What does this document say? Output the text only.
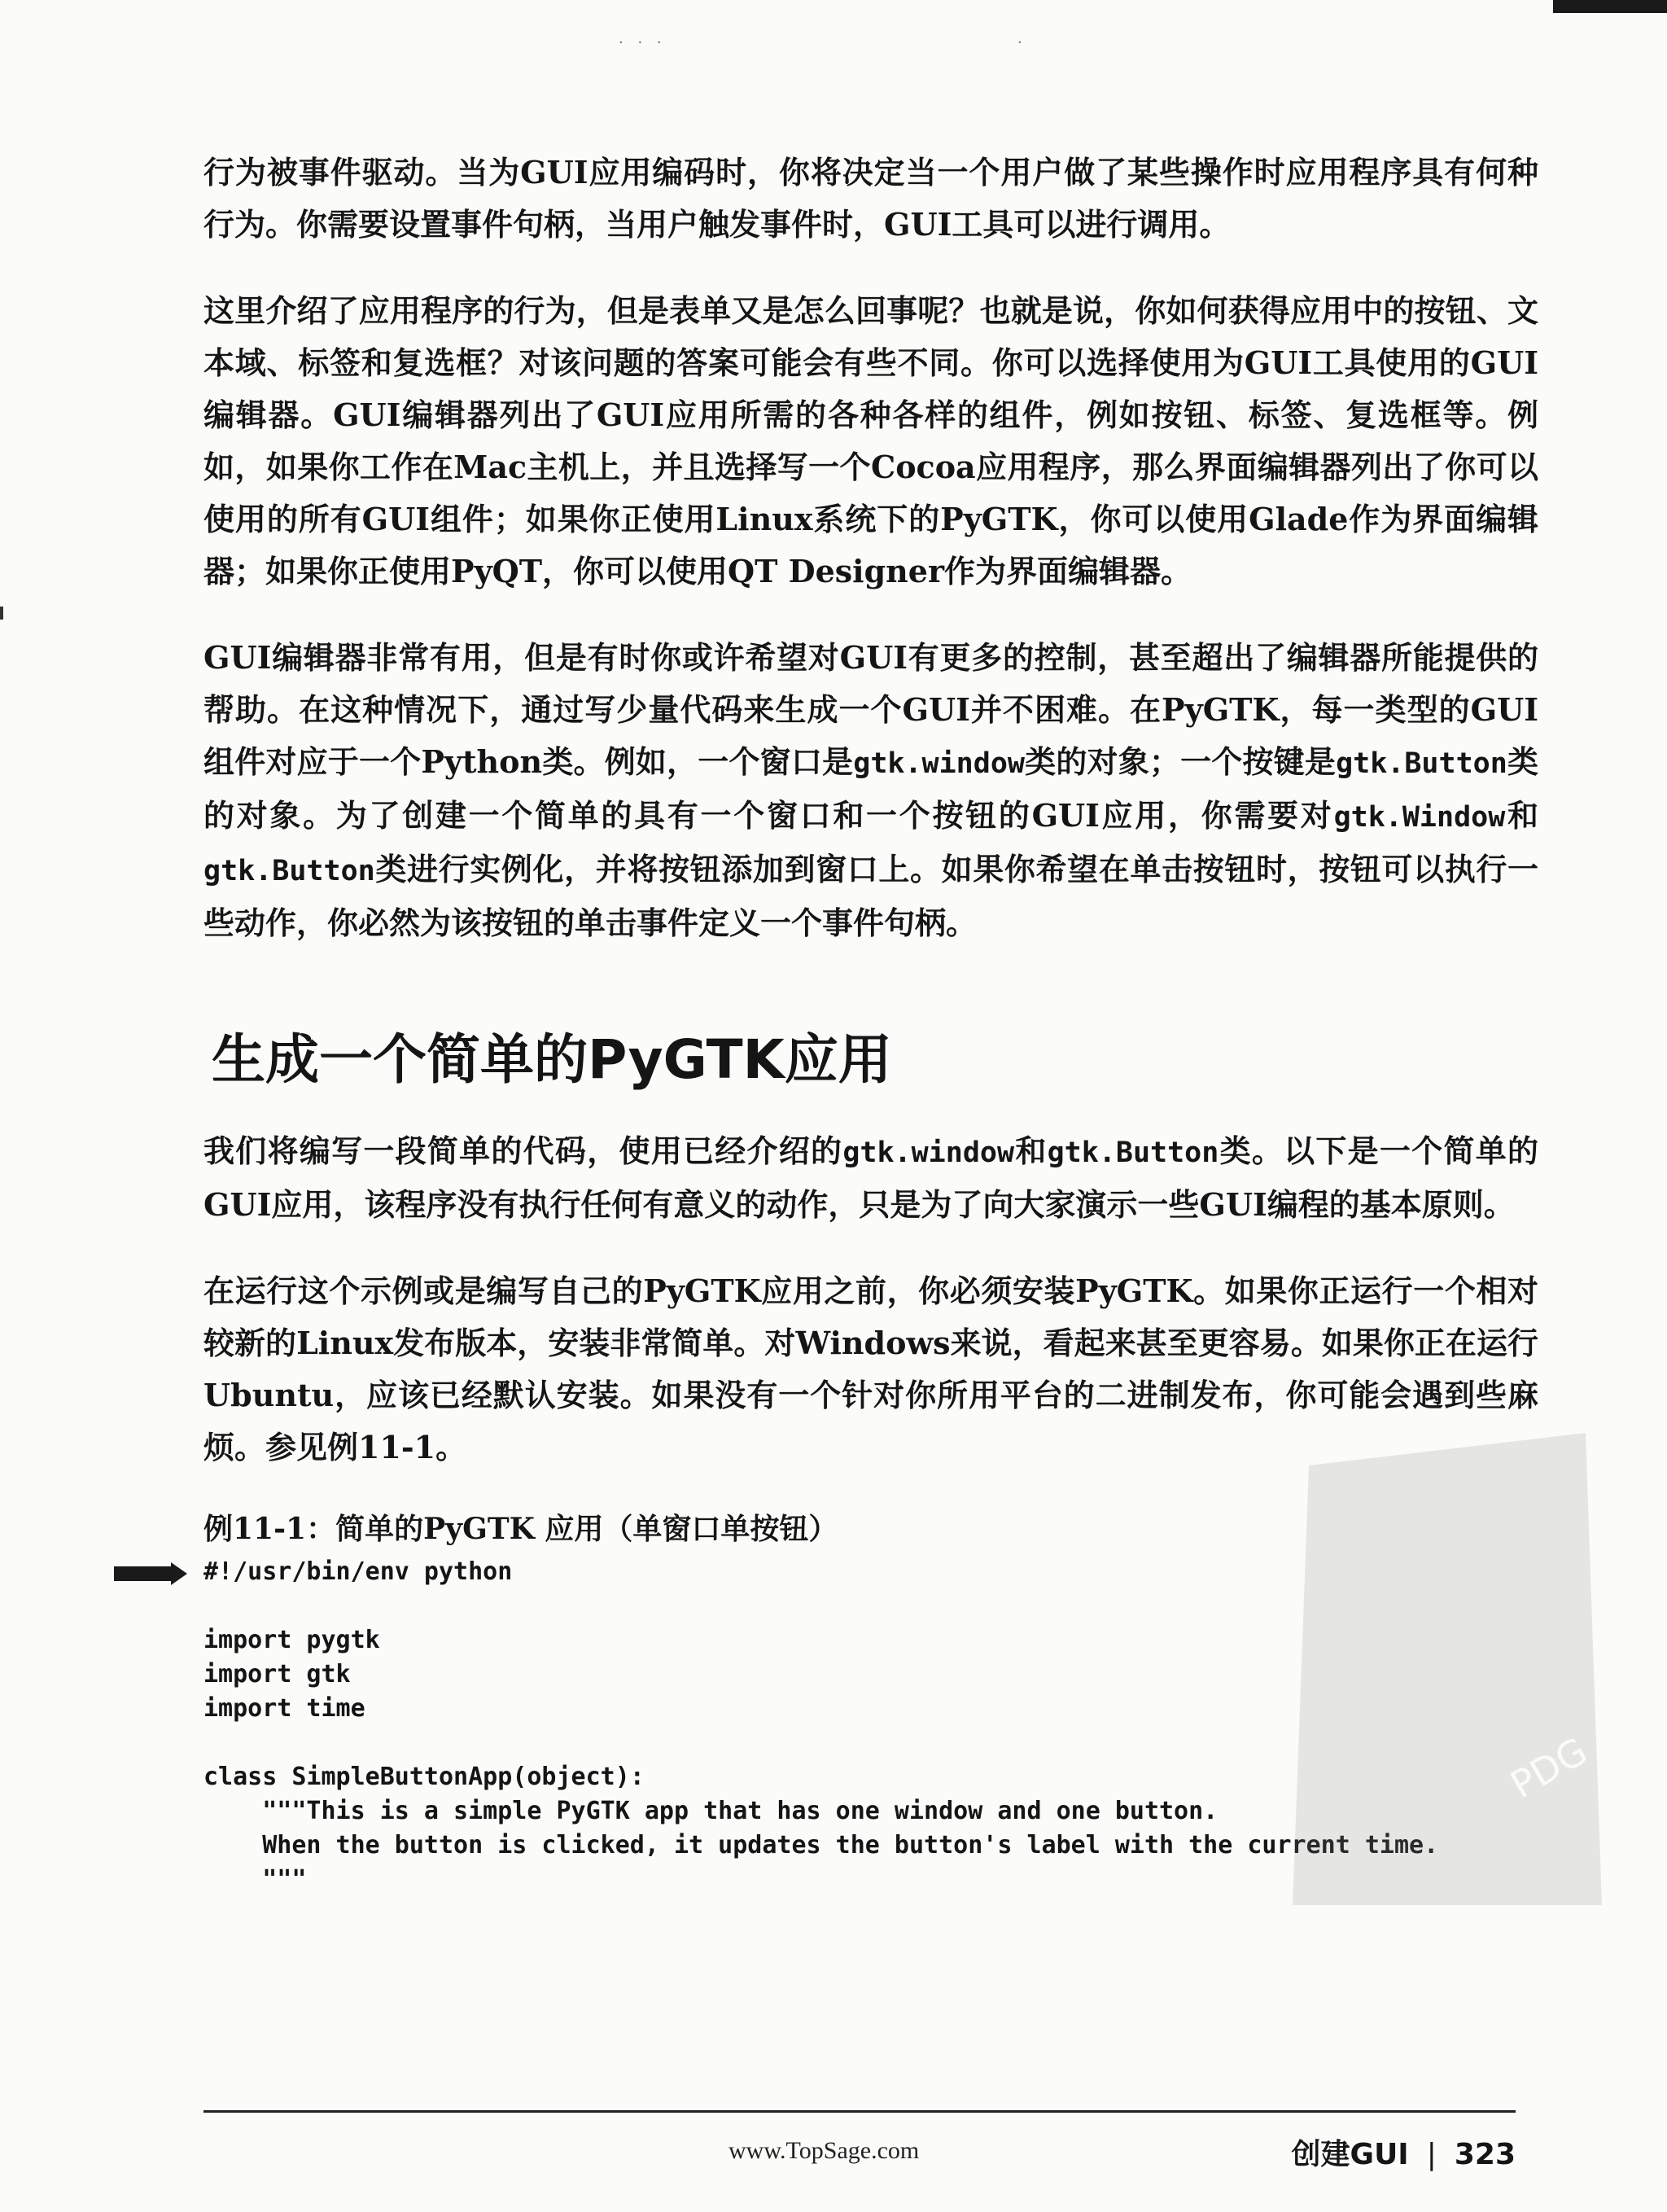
· · ·	·

行为被事件驱动。当为GUI应用编码时，你将决定当一个用户做了某些操作时应用程序具有何种行为。你需要设置事件句柄，当用户触发事件时，GUI工具可以进行调用。

这里介绍了应用程序的行为，但是表单又是怎么回事呢？也就是说，你如何获得应用中的按钮、文本域、标签和复选框？对该问题的答案可能会有些不同。你可以选择使用为GUI工具使用的GUI编辑器。GUI编辑器列出了GUI应用所需的各种各样的组件，例如按钮、标签、复选框等。例如，如果你工作在Mac主机上，并且选择写一个Cocoa应用程序，那么界面编辑器列出了你可以使用的所有GUI组件；如果你正使用Linux系统下的PyGTK，你可以使用Glade作为界面编辑器；如果你正使用PyQT，你可以使用QT Designer作为界面编辑器。

GUI编辑器非常有用，但是有时你或许希望对GUI有更多的控制，甚至超出了编辑器所能提供的帮助。在这种情况下，通过写少量代码来生成一个GUI并不困难。在PyGTK，每一类型的GUI组件对应于一个Python类。例如，一个窗口是gtk.window类的对象；一个按键是gtk.Button类的对象。为了创建一个简单的具有一个窗口和一个按钮的GUI应用，你需要对gtk.Window和gtk.Button类进行实例化，并将按钮添加到窗口上。如果你希望在单击按钮时，按钮可以执行一些动作，你必然为该按钮的单击事件定义一个事件句柄。

生成一个简单的PyGTK应用

我们将编写一段简单的代码，使用已经介绍的gtk.window和gtk.Button类。以下是一个简单的GUI应用，该程序没有执行任何有意义的动作，只是为了向大家演示一些GUI编程的基本原则。

在运行这个示例或是编写自己的PyGTK应用之前，你必须安装PyGTK。如果你正运行一个相对较新的Linux发布版本，安装非常简单。对Windows来说，看起来甚至更容易。如果你正在运行Ubuntu，应该已经默认安装。如果没有一个针对你所用平台的二进制发布，你可能会遇到些麻烦。参见例11-1。

例11-1：简单的PyGTK 应用（单窗口单按钮）
#!/usr/bin/env python
import pygtk
import gtk
import time
class SimpleButtonApp(object):
"""This is a simple PyGTK app that has one window and one button.
When the button is clicked, it updates the button's label with the current time.
"""
PDG
www.TopSage.com	创建GUI | 323
